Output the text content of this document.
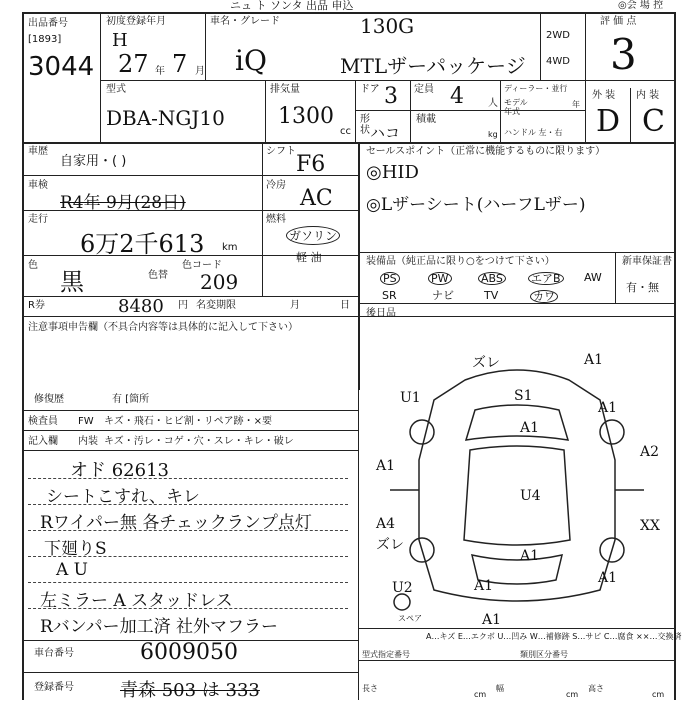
ニュ ト ソンタ 出品 申込
出品番号
[1893]
3044
初度登録年月
H
27 年 7 月
車名・グレード	130G
iQ	MTLザーパッケージ
2WD
4WD
評 価 点
3
型式
DBA-NGJ10
排気量
1300
cc
ドア 3 定員 4 人
ディーラー・並行
モデル年式
年
形状 ハコ
積載
kg ハンドル 左・右
外 装 内 装
D C
◎会 場 控
車歴
自家用・( )
シフト
F6
車検
R4年 9月(28日)
冷房
AC
走行
6万2千613 km
燃料
ガソリン
軽 油
色
黒	色替
色コード
209
R券	8480 円 名変期限	月	日
注意事項申告欄（不具合内容等は具体的に記入して下さい）
修復歴	有 [箇所
検査員 FW キズ・飛石・ヒビ割・リペア跡・×要
記入欄 内装 キズ・汚レ・コゲ・穴・スレ・キレ・破レ
オド 62613
シートこすれ、キレ
Rワイパー無 各チェックランプ点灯
下廻りS
A U
左ミラー A スタッドレス
Rバンパー加工済 社外マフラー
車台番号	6009050
登録番号	青森 503 は 333
セールスポイント（正常に機能するものに限ります）
◎HID
◎Lザーシート(ハーフLザー)
装備品（純正品に限り○をつけて下さい）	新車保証書
有・無
PS	PW	ABS	エアB AW
SR	ナビ	TV	カワ
後日品
ズレ	A1
U1	S1
A1
A1
A2
A1
U4
A4
ズレ
XX
A1
U2	A1	A1
A1
スペア
A…キズ E…エクボ U…凹み W…補修跡 S…サビ C…腐食 ××…交換済
型式指定番号	類別区分番号
長さ
cm
幅
cm
高さ
cm
